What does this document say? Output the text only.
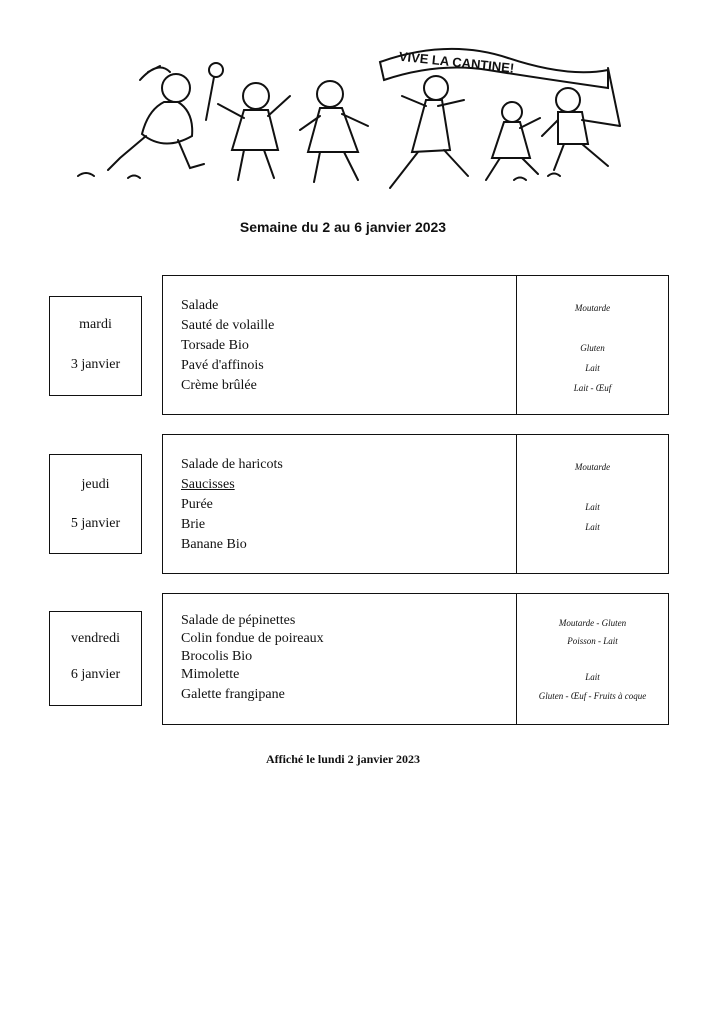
VIVE LA CANTINE!
Semaine du 2 au 6 janvier 2023
mardi
3 janvier
Salade
Sauté de volaille
Torsade Bio
Pavé d'affinois
Crème brûlée
Moutarde
Gluten
Lait
Lait - Œuf
jeudi
5 janvier
Salade de haricots
Saucisses
Purée
Brie
Banane Bio
Moutarde
Lait
Lait
vendredi
6 janvier
Salade de pépinettes
Colin fondue de poireaux
Brocolis Bio
Mimolette
Galette frangipane
Moutarde - Gluten
Poisson - Lait
Lait
Gluten - Œuf - Fruits à coque
Affiché le lundi 2 janvier 2023
